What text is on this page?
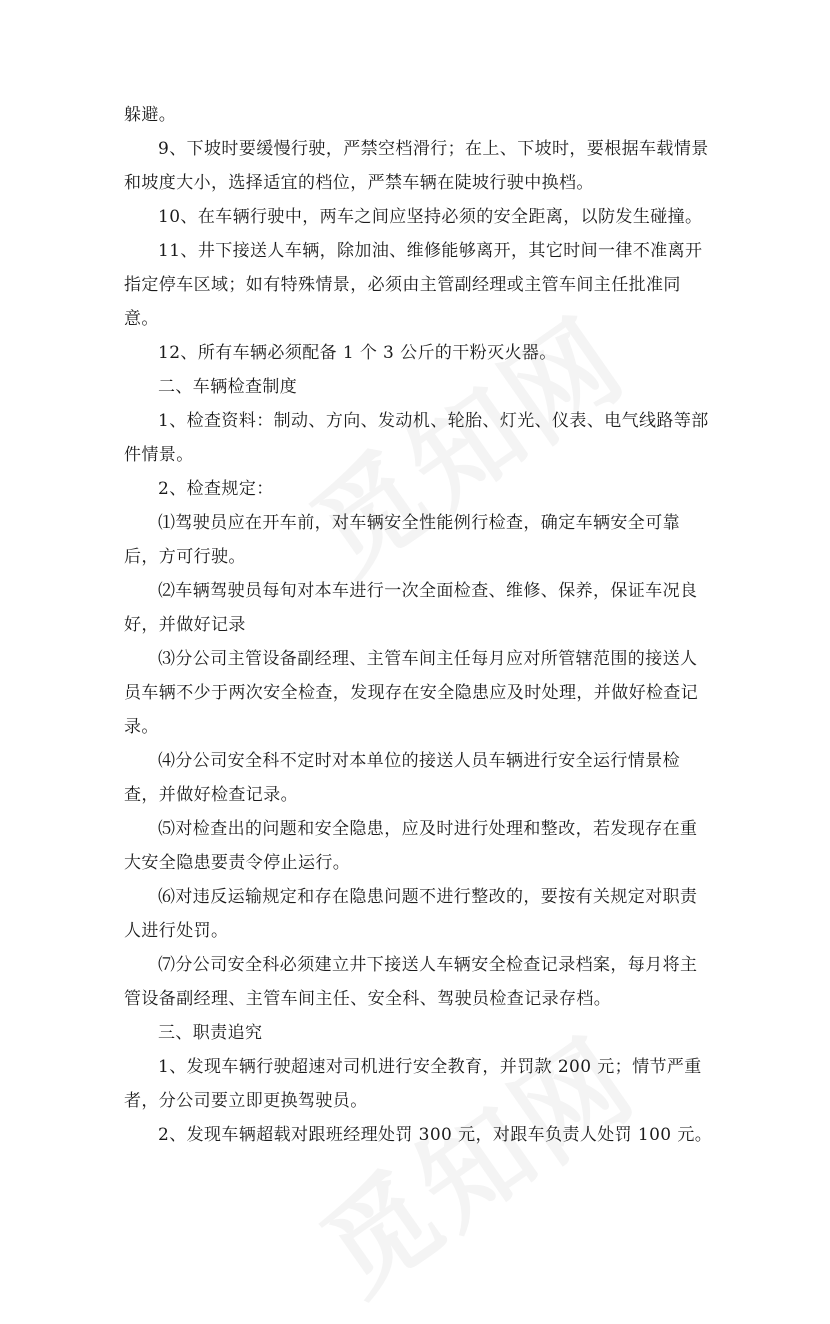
躲避。

9、下坡时要缓慢行驶，严禁空档滑行；在上、下坡时，要根据车载情景和坡度大小，选择适宜的档位，严禁车辆在陡坡行驶中换档。

10、在车辆行驶中，两车之间应坚持必须的安全距离，以防发生碰撞。

11、井下接送人车辆，除加油、维修能够离开，其它时间一律不准离开指定停车区域；如有特殊情景，必须由主管副经理或主管车间主任批准同意。

12、所有车辆必须配备 1 个 3 公斤的干粉灭火器。

二、车辆检查制度

1、检查资料：制动、方向、发动机、轮胎、灯光、仪表、电气线路等部件情景。

2、检查规定：

⑴驾驶员应在开车前，对车辆安全性能例行检查，确定车辆安全可靠后，方可行驶。

⑵车辆驾驶员每旬对本车进行一次全面检查、维修、保养，保证车况良好，并做好记录

⑶分公司主管设备副经理、主管车间主任每月应对所管辖范围的接送人员车辆不少于两次安全检查，发现存在安全隐患应及时处理，并做好检查记录。

⑷分公司安全科不定时对本单位的接送人员车辆进行安全运行情景检查，并做好检查记录。

⑸对检查出的问题和安全隐患，应及时进行处理和整改，若发现存在重大安全隐患要责令停止运行。

⑹对违反运输规定和存在隐患问题不进行整改的，要按有关规定对职责人进行处罚。

⑺分公司安全科必须建立井下接送人车辆安全检查记录档案，每月将主管设备副经理、主管车间主任、安全科、驾驶员检查记录存档。

三、职责追究

1、发现车辆行驶超速对司机进行安全教育，并罚款 200 元；情节严重者，分公司要立即更换驾驶员。

2、发现车辆超载对跟班经理处罚 300 元，对跟车负责人处罚 100 元。
